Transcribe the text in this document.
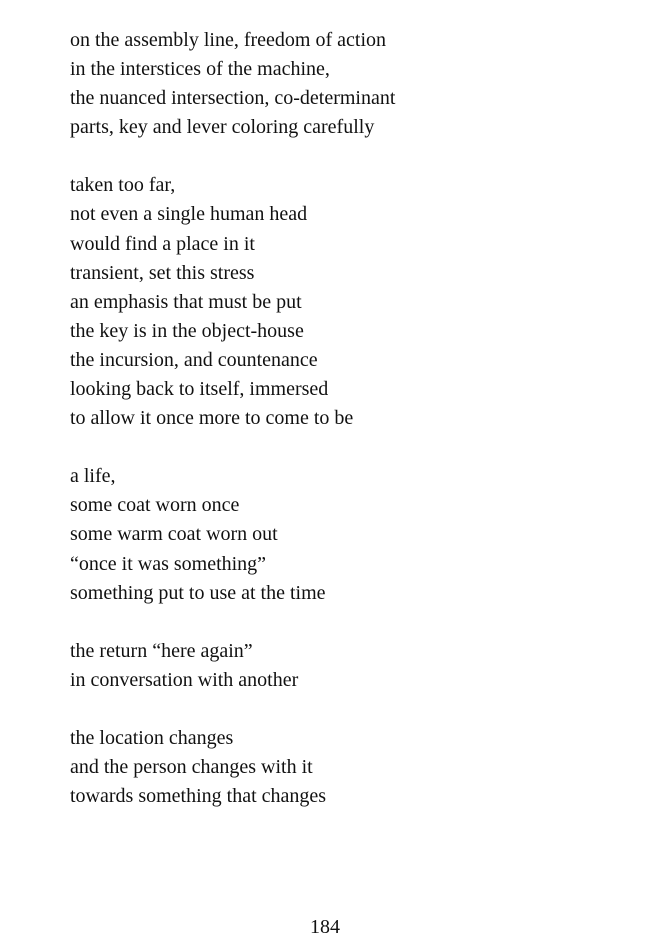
on the assembly line, freedom of action
in the interstices of the machine,
the nuanced intersection, co-determinant
parts, key and lever coloring carefully
taken too far,
not even a single human head
would find a place in it
transient, set this stress
an emphasis that must be put
the key is in the object-house
the incursion, and countenance
looking back to itself, immersed
to allow it once more to come to be
a life,
some coat worn once
some warm coat worn out
“once it was something”
something put to use at the time
the return “here again”
in conversation with another
the location changes
and the person changes with it
towards something that changes
184
